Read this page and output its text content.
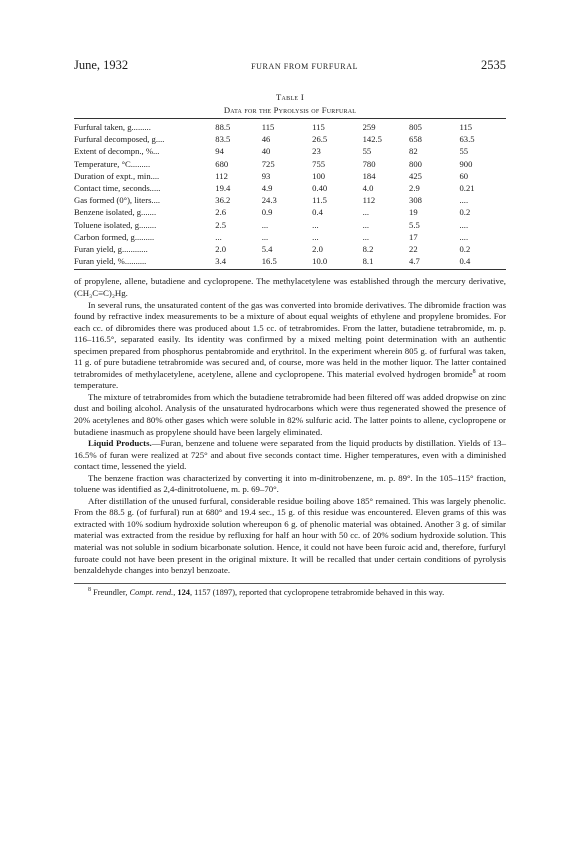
June, 1932	FURAN FROM FURFURAL	2535
Table I
Data for the Pyrolysis of Furfural
Furfural taken, g.........	88.5	115	115	259	805	115
Furfural decomposed, g....	83.5	46	26.5	142.5	658	63.5
Extent of decompn., %...	94	40	23	55	82	55
Temperature, °C.........	680	725	755	780	800	900
Duration of expt., min....	112	93	100	184	425	60
Contact time, seconds.....	19.4	4.9	0.40	4.0	2.9	0.21
Gas formed (0°), liters....	36.2	24.3	11.5	112	308	....
Benzene isolated, g.......	2.6	0.9	0.4	...	19	0.2
Toluene isolated, g........	2.5	...	...	...	5.5	....
Carbon formed, g.........	...	...	...	...	17	....
Furan yield, g............	2.0	5.4	2.0	8.2	22	0.2
Furan yield, %..........	3.4	16.5	10.0	8.1	4.7	0.4

of propylene, allene, butadiene and cyclopropene. The methylacetylene was established through the mercury derivative, (CH₃C≡C)₂Hg.

In several runs, the unsaturated content of the gas was converted into bromide derivatives. The dibromide fraction was found by refractive index measurements to be a mixture of about equal weights of ethylene and propylene bromides. For each cc. of dibromides there was produced about 1.5 cc. of tetrabromides. From the latter, butadiene tetrabromide, m. p. 116–116.5°, separated easily. Its identity was confirmed by a mixed melting point determination with an authentic specimen prepared from phosphorus pentabromide and erythritol. In the experiment wherein 805 g. of furfural was taken, 11 g. of pure butadiene tetrabromide was secured and, of course, more was held in the mother liquor. The latter contained tetrabromides of methylacetylene, acetylene, allene and cyclopropene. This material evolved hydrogen bromide$^8$ at room temperature.

The mixture of tetrabromides from which the butadiene tetrabromide had been filtered off was added dropwise on zinc dust and boiling alcohol. Analysis of the unsaturated hydrocarbons which were thus regenerated showed the presence of 20% acetylenes and 80% other gases which were soluble in 82% sulfuric acid. The latter points to allene, cyclopropene or butadiene inasmuch as propylene should have been largely eliminated.

Liquid Products.—Furan, benzene and toluene were separated from the liquid products by distillation. Yields of 13–16.5% of furan were realized at 725° and about five seconds contact time. Higher temperatures, even with a diminished contact time, lessened the yield.

The benzene fraction was characterized by converting it into m-dinitrobenzene, m. p. 89°. In the 105–115° fraction, toluene was identified as 2,4-dinitrotoluene, m. p. 69–70°.

After distillation of the unused furfural, considerable residue boiling above 185° remained. This was largely phenolic. From the 88.5 g. (of furfural) run at 680° and 19.4 sec., 15 g. of this residue was encountered. Eleven grams of this was extracted with 10% sodium hydroxide solution whereupon 6 g. of phenolic material was obtained. Another 3 g. of similar material was extracted from the residue by refluxing for half an hour with 50 cc. of 20% sodium hydroxide solution. This material was not soluble in sodium bicarbonate solution. Hence, it could not have been furoic acid and, therefore, furfuryl furoate could not have been present in the original mixture. It will be recalled that under certain conditions of pyrolysis benzaldehyde changes into benzyl benzoate.

$^8$ Freundler, Compt. rend., 124, 1157 (1897), reported that cyclopropene tetrabromide behaved in this way.
